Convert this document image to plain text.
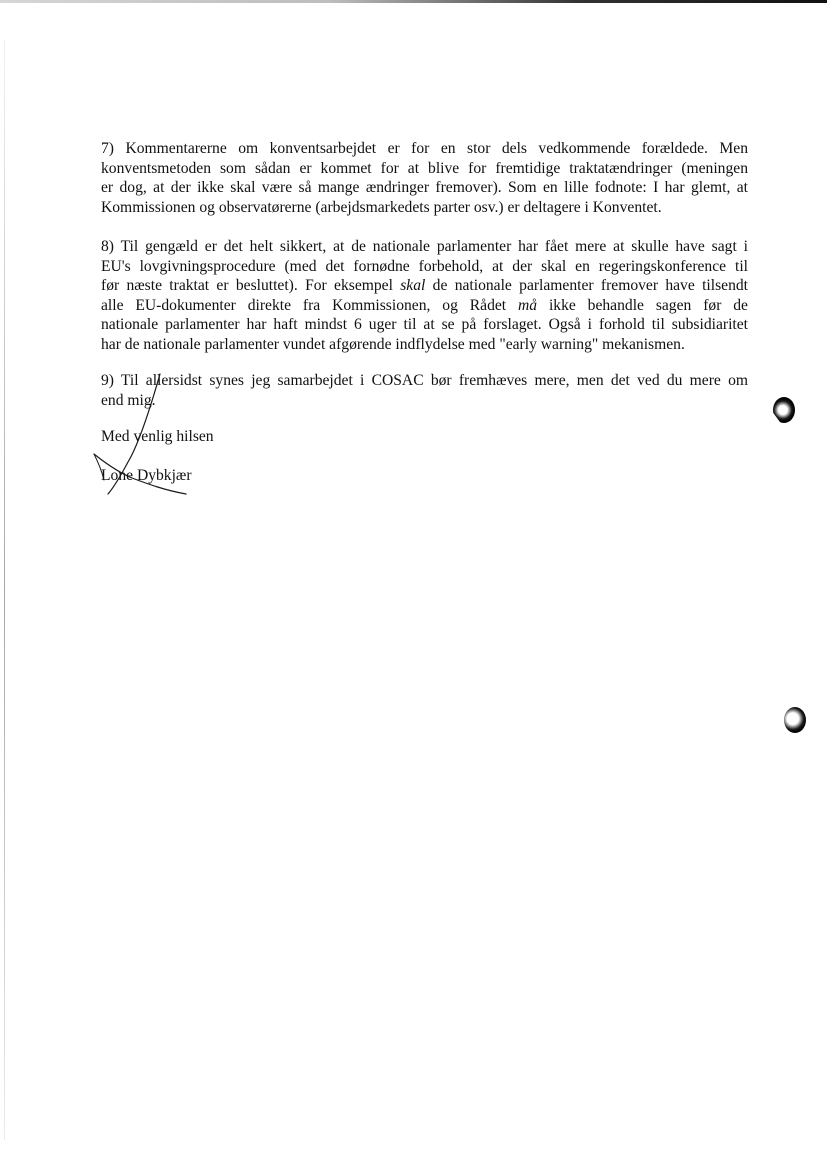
7) Kommentarerne om konventsarbejdet er for en stor dels vedkommende forældede. Men
konventsmetoden som sådan er kommet for at blive for fremtidige traktatændringer (meningen
er dog, at der ikke skal være så mange ændringer fremover). Som en lille fodnote: I har glemt, at
Kommissionen og observatørerne (arbejdsmarkedets parter osv.) er deltagere i Konventet.

8) Til gengæld er det helt sikkert, at de nationale parlamenter har fået mere at skulle have sagt i
EU's lovgivningsprocedure (med det fornødne forbehold, at der skal en regeringskonference til
før næste traktat er besluttet). For eksempel skal de nationale parlamenter fremover have tilsendt
alle EU-dokumenter direkte fra Kommissionen, og Rådet må ikke behandle sagen før de
nationale parlamenter har haft mindst 6 uger til at se på forslaget. Også i forhold til subsidiaritet
har de nationale parlamenter vundet afgørende indflydelse med "early warning" mekanismen.

9) Til allersidst synes jeg samarbejdet i COSAC bør fremhæves mere, men det ved du mere om
end mig.

Med venlig hilsen
Lone Dybkjær
